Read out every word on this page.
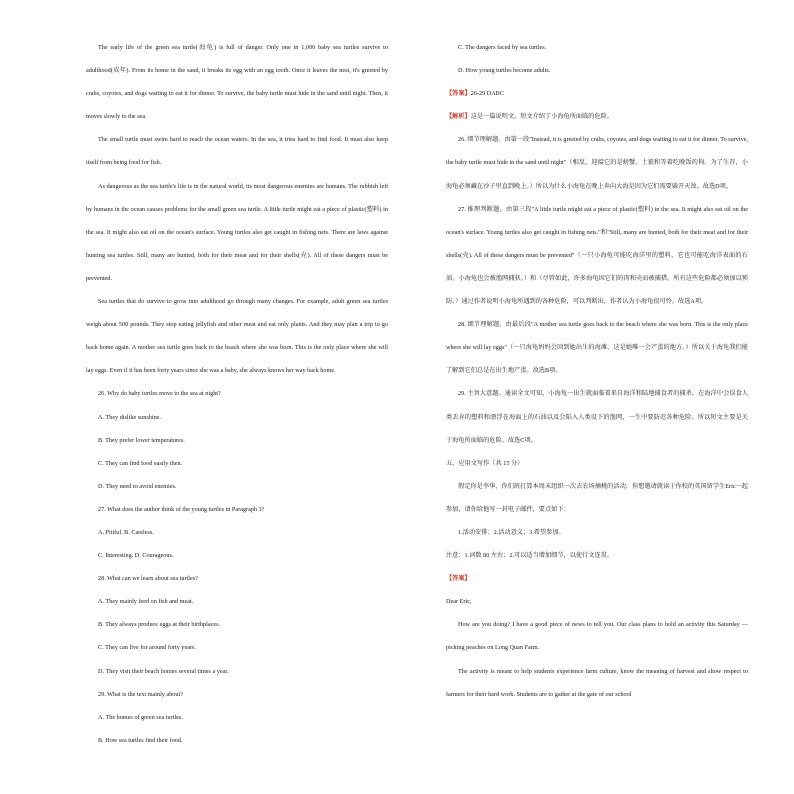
The early life of the green sea turtle(海龟) is full of danger. Only one in 1,000 baby sea turtles survive to adulthood(成年). From its home in the sand, it breaks its egg with an egg tooth. Once it leaves the nest, it's greeted by crabs, coyotes, and dogs waiting to eat it for dinner. To survive, the baby turtle must hide in the sand until night. Then, it moves slowly to the sea.

The small turtle must swim hard to reach the ocean waters. In the sea, it tries hard to find food. It must also keep itself from being food for fish.

As dangerous as the sea turtle's life is in the natural world, its most dangerous enemies are humans. The rubbish left by humans in the ocean causes problems for the small green sea turtle. A little turtle might eat a piece of plastic(塑料) in the sea. It might also eat oil on the ocean's surface. Young turtles also get caught in fishing nets. There are laws against hunting sea turtles. Still, many are hunted, both for their meat and for their shells(壳). All of these dangers must be prevented.

Sea turtles that do survive to grow into adulthood go through many changes. For example, adult green sea turtles weigh about 500 pounds. They stop eating jellyfish and other meat and eat only plants. And they may plan a trip to go back home again. A mother sea turtle goes back to the beach where she was born. This is the only place where she will lay eggs. Even if it has been forty years since she was a baby, she always knows her way back home.

26. Why do baby turtles move to the sea at night?

A. They dislike sunshine.

B. They prefer lower temperatures.

C. They can find food easily then.

D. They need to avoid enemies.

27. What does the author think of the young turtles in Paragraph 3?

A. Pitiful. B. Careless.

C. Interesting. D. Courageous.

28. What can we learn about sea turtles?

A. They mainly feed on fish and meat.

B. They always produce eggs at their birthplaces.

C. They can live for around forty years.

D. They visit their beach homes several times a year.

29. What is the text mainly about?

A. The homes of green sea turtles.

B. How sea turtles find their food.

C. The dangers faced by sea turtles.

D. How young turtles become adults.

【答案】26-29 DABC

【解析】这是一篇说明文。短文介绍了小海龟所面临的危险。

26. 细节理解题。由第一段"Instead, it is greeted by crabs, coyotes, and dogs waiting to eat it for dinner. To survive, the baby turtle must hide in the sand until night"（相反，迎接它的是螃蟹、土狼和等着吃晚饭的狗。为了生存，小海龟必须藏在沙子里直到晚上。）所以为什么小海龟在晚上奔向大海是因为它们需要躲开天敌。故选D项。

27. 推理判断题。由第三段"A little turtle might eat a piece of plastic(塑料) in the sea. It might also eat oil on the ocean's surface. Young turtles also get caught in fishing nets."和"Still, many are hunted, both for their meat and for their shells(壳). All of these dangers must be prevented"（一只小海龟可能吃海洋里的塑料，它也可能吃海洋表面的石油。小海龟也会被渔网捕获。）和（尽管如此，许多海龟因它们的肉和壳而被捕猎。所有这些危险都必须加以预防。）通过作者说明小海龟所遇到的各种危险，可以判断出，作者认为小海龟很可怜。故选A项。

28. 细节理解题。由最后段"A mother sea turtle goes back to the beach where she was born. This is the only place where she will lay eggs"（一只海龟妈妈会回到她出生的海滩，这是她唯一会产蛋的地方。）所以关于海龟我们能了解到它们总是在出生地产蛋。故选B项。

29. 主旨大意题。通读全文可知，小海龟一出生就面临着来自海洋和陆地捕食者的捕杀，在海洋中会误食人类丢弃的塑料和漂浮在海面上的石油以及会陷入人类设下的渔网，一生中要防范各种危险。所以短文主要是关于海龟所面临的危险。故选C项。

五、应用文写作（共 15 分）

假定你是李华，你们班打算本周末组织一次去农场摘桃的活动，你想邀请就读于你校的英国留学生Eric一起参加，请你给他写一封电子邮件，要点如下：

1.活动安排；2.活动意义；3.希望参加。

注意：1.词数 80 左右；2.可以适当增加细节，以使行文连贯。

【答案】

Dear Eric,

How are you doing? I have a good piece of news to tell you. Our class plans to hold an activity this Saturday — picking peaches on Long Quan Farm.

The activity is meant to help students experience farm culture, know the meaning of harvest and show respect to farmers for their hard work. Students are to gather at the gate of our school
